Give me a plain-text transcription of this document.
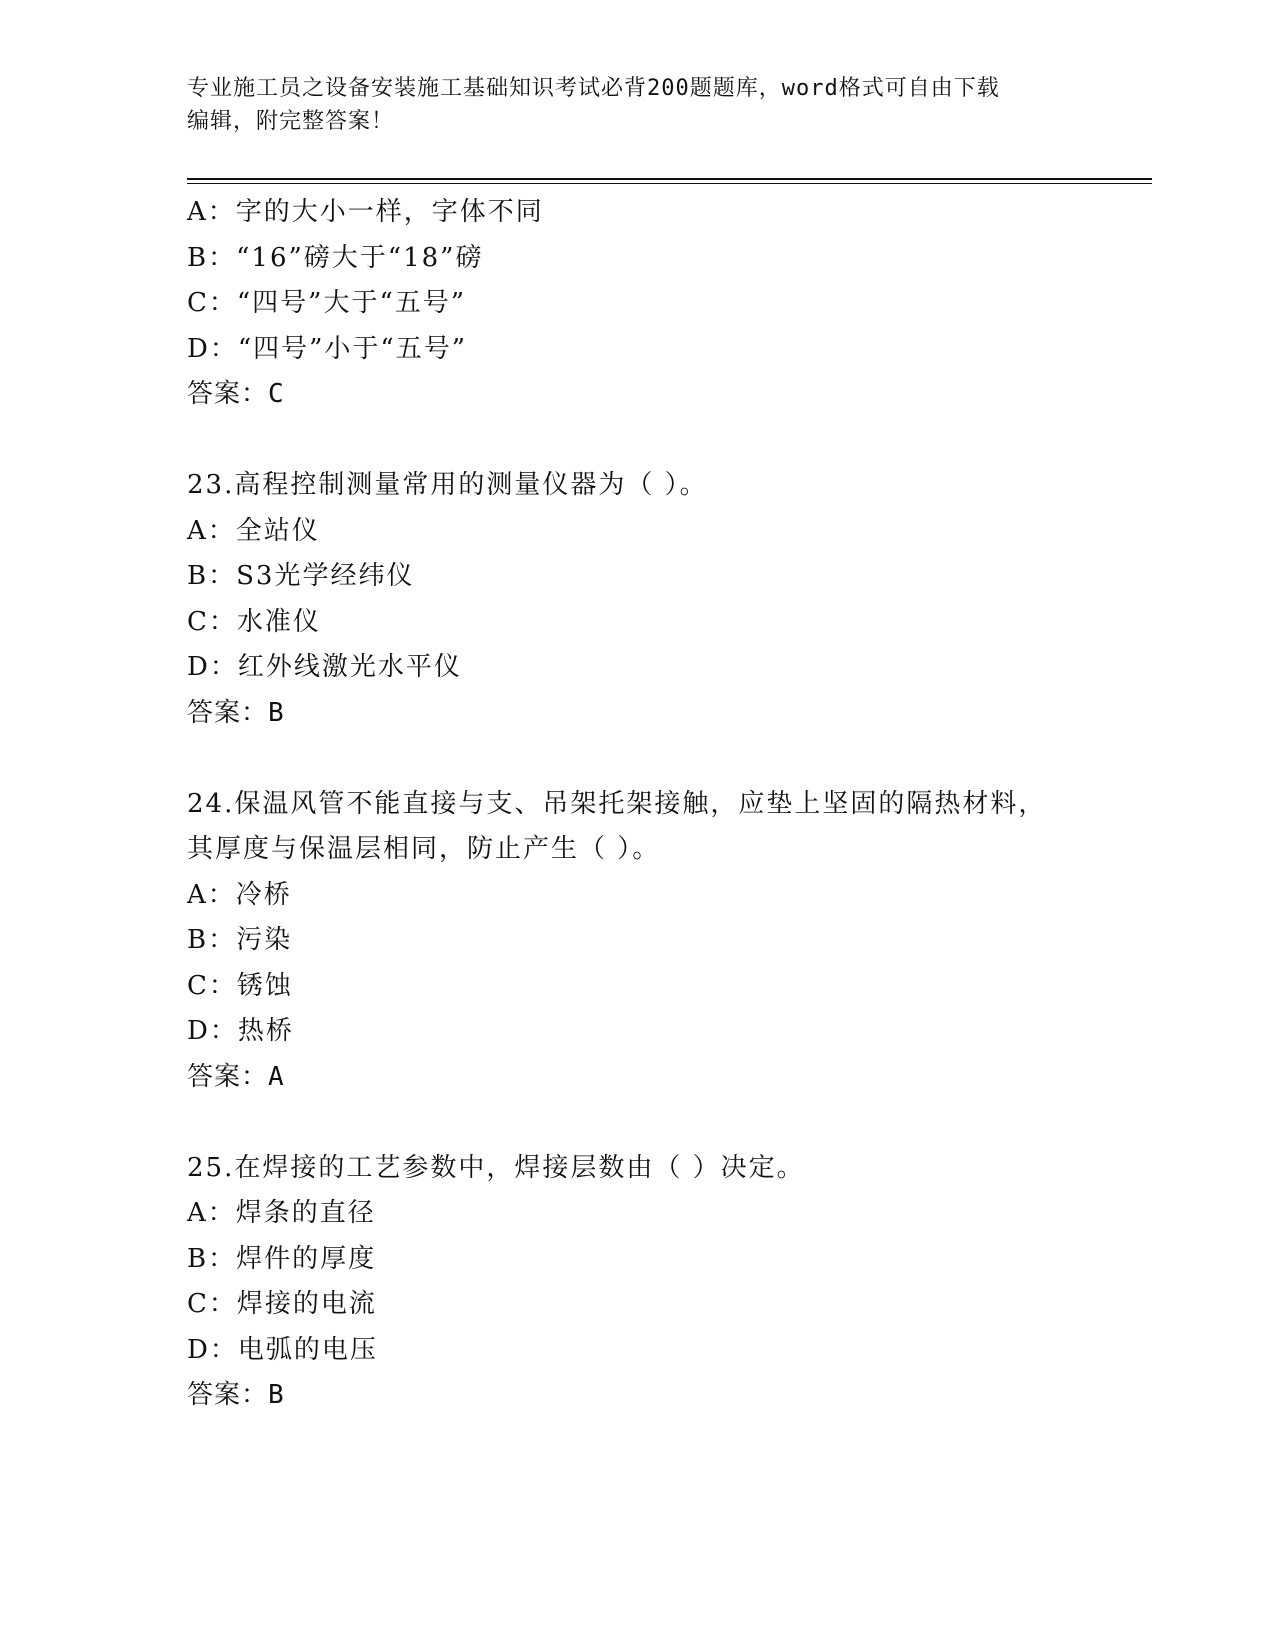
专业施工员之设备安装施工基础知识考试必背200题题库，word格式可自由下载
编辑，附完整答案！
A：字的大小一样，字体不同
B：“16”磅大于“18”磅
C：“四号”大于“五号”
D：“四号”小于“五号”
答案：C
23.高程控制测量常用的测量仪器为（ ）。
A：全站仪
B：S3光学经纬仪
C：水准仪
D：红外线激光水平仪
答案：B
24.保温风管不能直接与支、吊架托架接触，应垫上坚固的隔热材料，
其厚度与保温层相同，防止产生（ ）。
A：冷桥
B：污染
C：锈蚀
D：热桥
答案：A
25.在焊接的工艺参数中，焊接层数由（ ）决定。
A：焊条的直径
B：焊件的厚度
C：焊接的电流
D：电弧的电压
答案：B
